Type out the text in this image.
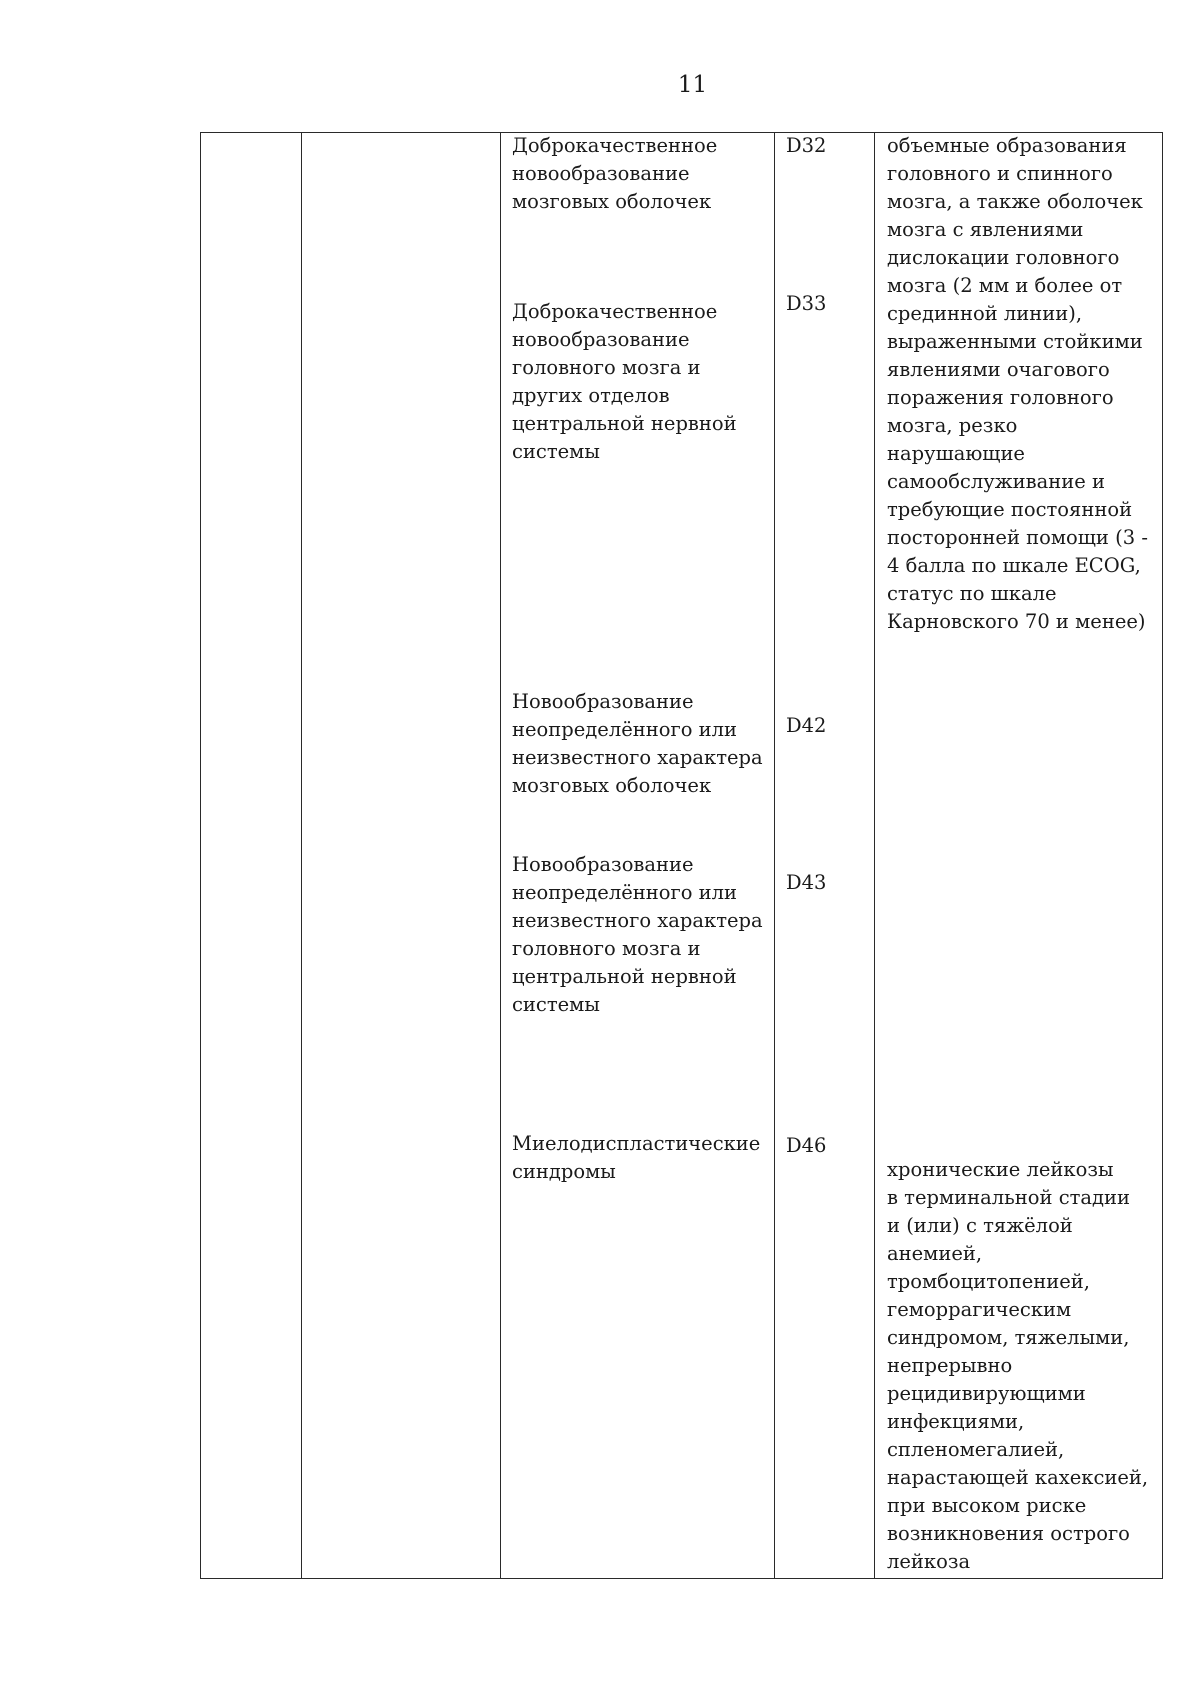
11
Доброкачественное
новообразование
мозговых оболочек
D32
Доброкачественное
новообразование
головного мозга и
других отделов
центральной нервной
системы
D33
Новообразование
неопределённого или
неизвестного характера
мозговых оболочек
D42
Новообразование
неопределённого или
неизвестного характера
головного мозга и
центральной нервной
системы
D43
Миелодиспластические
синдромы
D46
объемные образования
головного и спинного
мозга, а также оболочек
мозга с явлениями
дислокации головного
мозга (2 мм и более от
срединной линии),
выраженными стойкими
явлениями очагового
поражения головного
мозга, резко
нарушающие
самообслуживание и
требующие постоянной
посторонней помощи (3 -
4 балла по шкале ECOG,
статус по шкале
Карновского 70 и менее)
хронические лейкозы
в терминальной стадии
и (или) с тяжёлой
анемией,
тромбоцитопенией,
геморрагическим
синдромом, тяжелыми,
непрерывно
рецидивирующими
инфекциями,
спленомегалией,
нарастающей кахексией,
при высоком риске
возникновения острого
лейкоза
